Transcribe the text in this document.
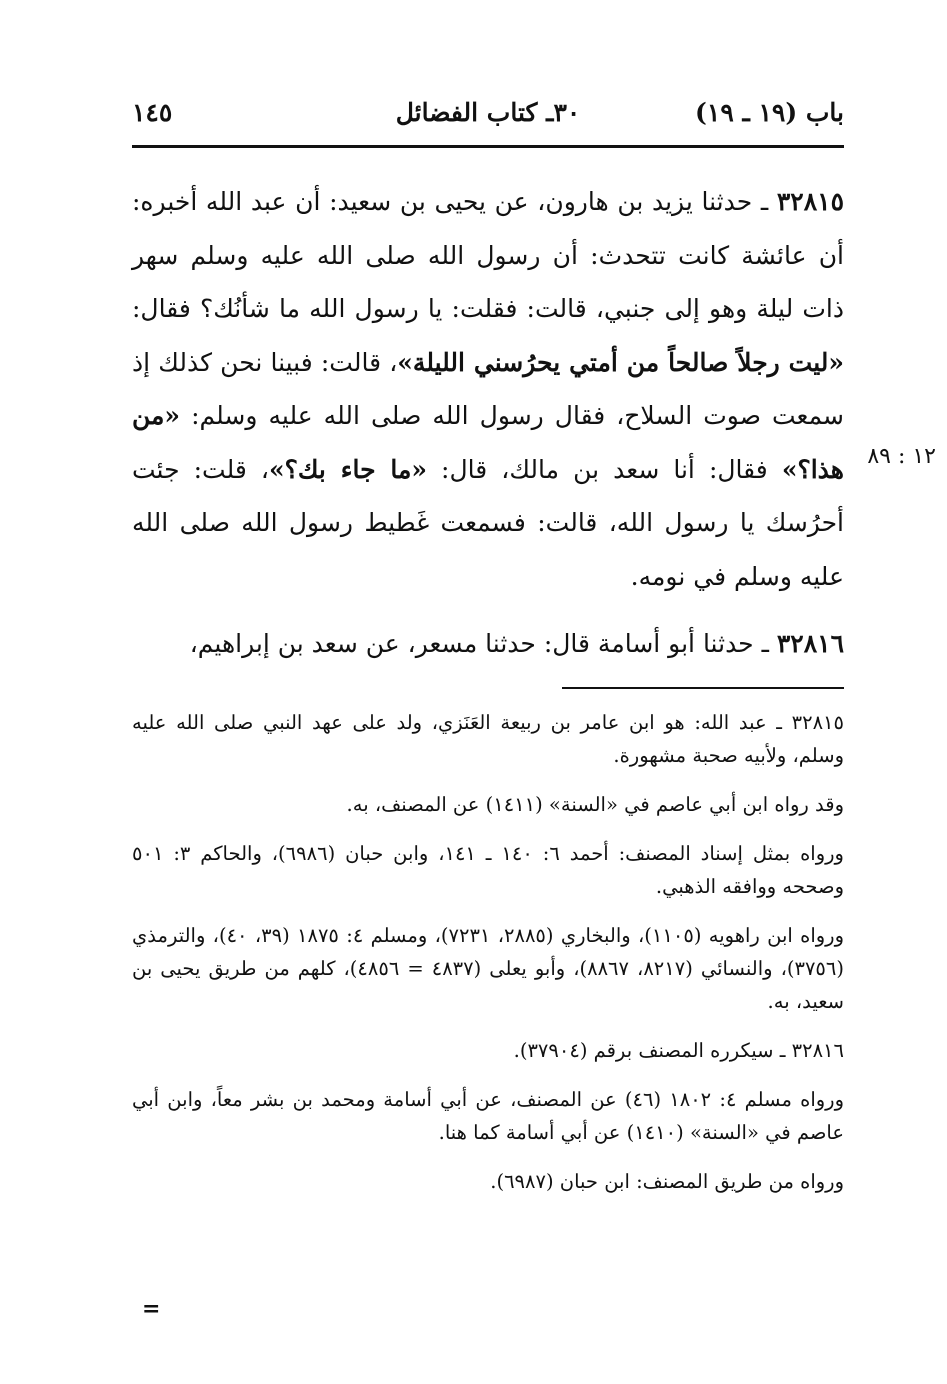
باب (١٩ ـ ١٩)
٣٠ـ كتاب الفضائل
١٤٥
١٢ : ٨٩

٣٢٨١٥ ـ حدثنا يزيد بن هارون، عن يحيى بن سعيد: أن عبد الله أخبره: أن عائشة كانت تتحدث: أن رسول الله صلى الله عليه وسلم سهر ذات ليلة وهو إلى جنبي، قالت: فقلت: يا رسول الله ما شأنُك؟ فقال: «ليت رجلاً صالحاً من أمتي يحرُسني الليلة»، قالت: فبينا نحن كذلك إذ سمعت صوت السلاح، فقال رسول الله صلى الله عليه وسلم: «من هذا؟» فقال: أنا سعد بن مالك، قال: «ما جاء بك؟»، قلت: جئت أحرُسك يا رسول الله، قالت: فسمعت غَطيط رسول الله صلى الله عليه وسلم في نومه.

٣٢٨١٦ ـ حدثنا أبو أسامة قال: حدثنا مسعر، عن سعد بن إبراهيم،

٣٢٨١٥ ـ عبد الله: هو ابن عامر بن ربيعة العَنَزي، ولد على عهد النبي صلى الله عليه وسلم، ولأبيه صحبة مشهورة.

وقد رواه ابن أبي عاصم في «السنة» (١٤١١) عن المصنف، به.

ورواه بمثل إسناد المصنف: أحمد ٦: ١٤٠ ـ ١٤١، وابن حبان (٦٩٨٦)، والحاكم ٣: ٥٠١ وصححه ووافقه الذهبي.

ورواه ابن راهويه (١١٠٥)، والبخاري (٢٨٨٥، ٧٢٣١)، ومسلم ٤: ١٨٧٥ (٣٩، ٤٠)، والترمذي (٣٧٥٦)، والنسائي (٨٢١٧، ٨٨٦٧)، وأبو يعلى (٤٨٣٧ = ٤٨٥٦)، كلهم من طريق يحيى بن سعيد، به.

٣٢٨١٦ ـ سيكرره المصنف برقم (٣٧٩٠٤).

ورواه مسلم ٤: ١٨٠٢ (٤٦) عن المصنف، عن أبي أسامة ومحمد بن بشر معاً، وابن أبي عاصم في «السنة» (١٤١٠) عن أبي أسامة كما هنا.

ورواه من طريق المصنف: ابن حبان (٦٩٨٧).

=
